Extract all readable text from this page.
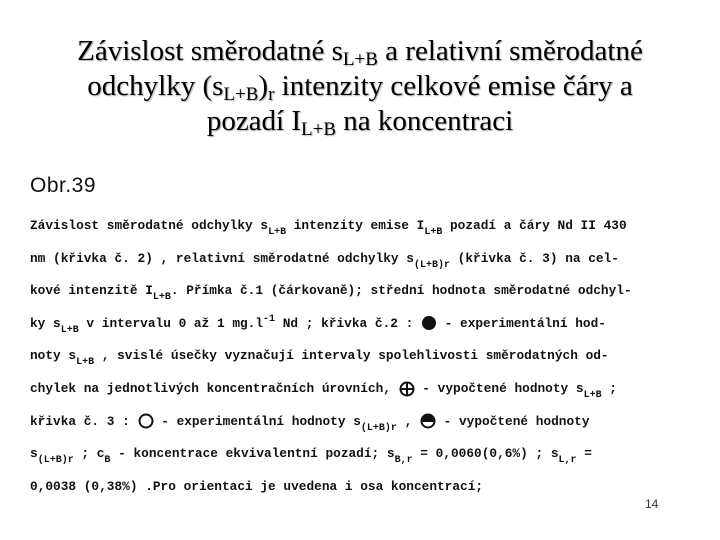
Závislost směrodatné $s_{L+B}$ a relativní směrodatné
odchylky $(s_{L+B})_r$ intenzity celkové emise čáry a
pozadí $I_{L+B}$ na koncentraci
Obr.39
Závislost směrodatné odchylky $s_{L+B}$ intenzity emise $I_{L+B}$ pozadí a čáry Nd II 430
nm (křivka č. 2) , relativní směrodatné odchylky $s_{(L+B)r}$ (křivka č. 3) na cel-
kové intenzitě $I_{L+B}$. Přímka č.1 (čárkovaně); střední hodnota směrodatné odchyl-
ky $s_{L+B}$ v intervalu 0 až 1 $mg.l^{-1}$ Nd ; křivka č.2 :  - experimentální hod-
noty $s_{L+B}$ , svislé úsečky vyznačují intervaly spolehlivosti směrodatných od-
chylek na jednotlivých koncentračních úrovních,  - vypočtené hodnoty $s_{L+B}$ ;
křivka č. 3 :  - experimentální hodnoty $s_{(L+B)r}$ ,  - vypočtené hodnoty
$s_{(L+B)r}$ ; $c_B$ - koncentrace ekvivalentní pozadí; $s_{B,r} = 0,0060(0,6\%)$ ; $s_{L,r}$ =
0,0038 (0,38%) .Pro orientaci je uvedena i osa koncentrací;
14
